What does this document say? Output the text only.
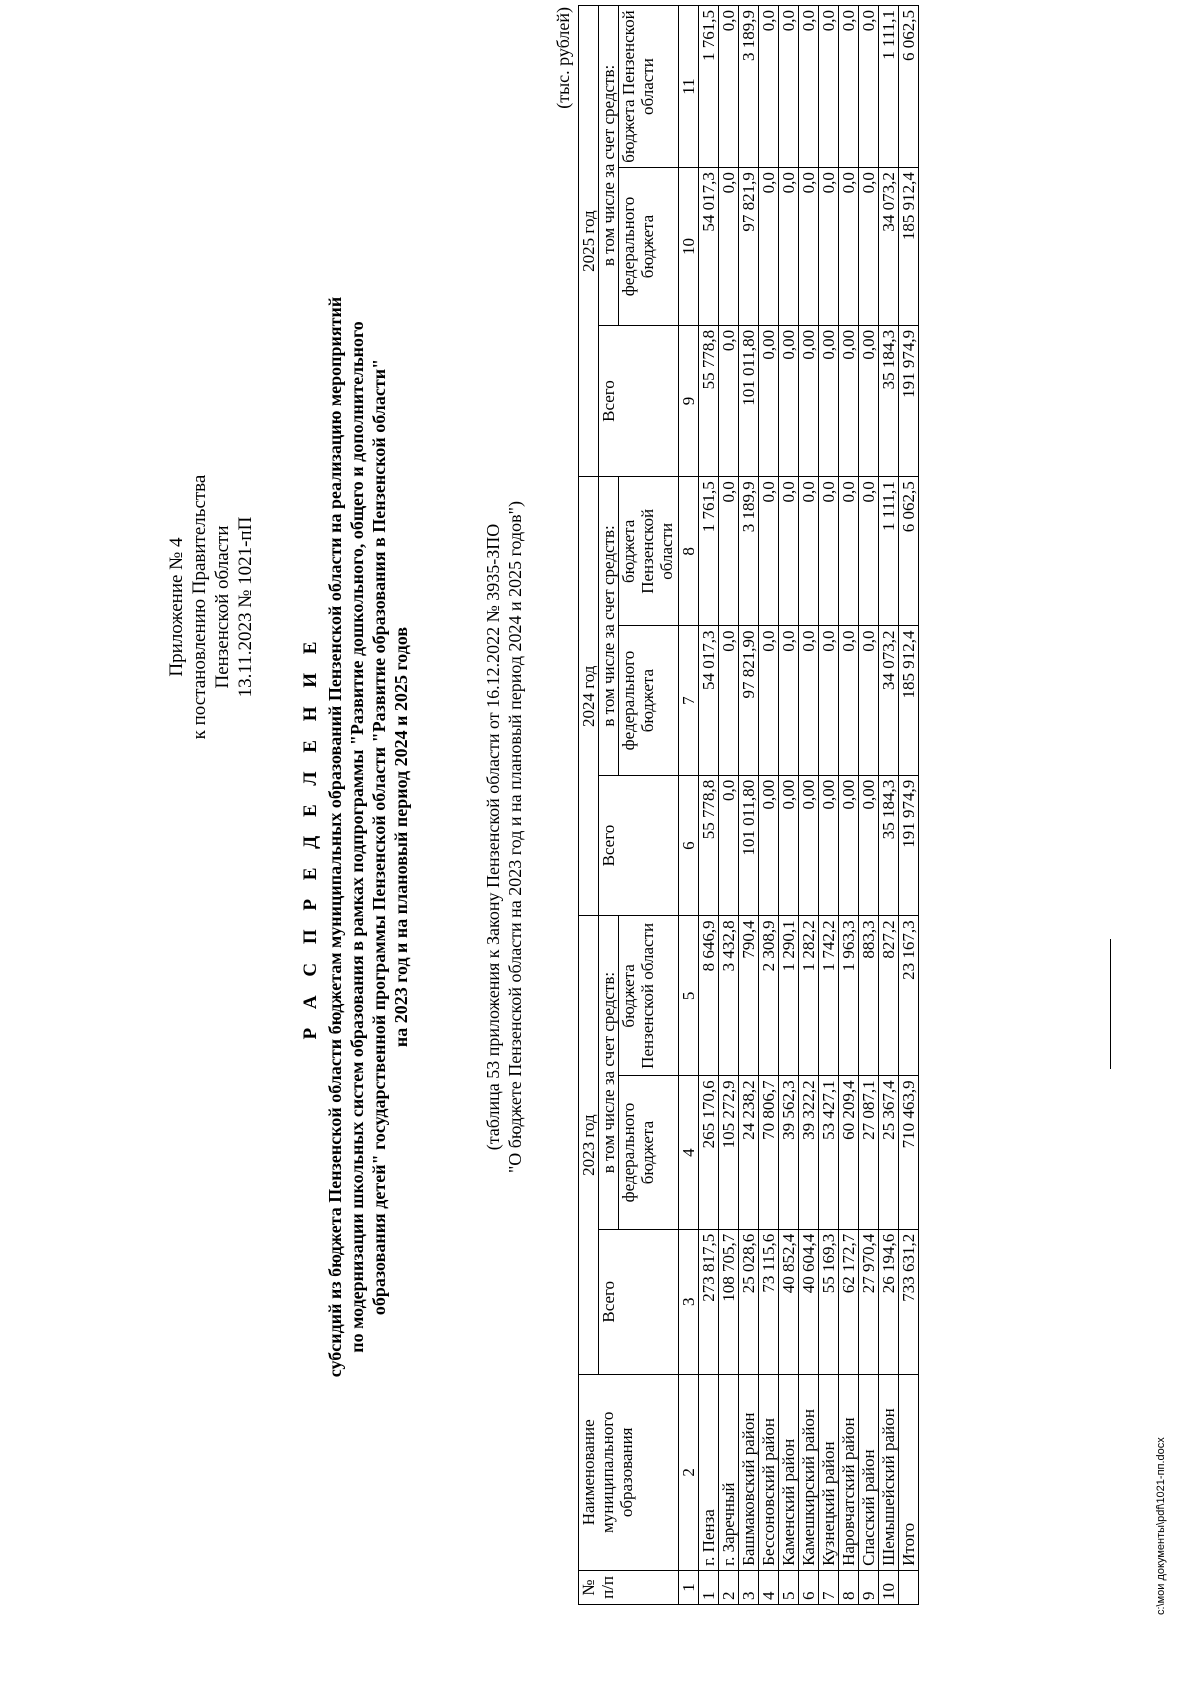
Приложение № 4 к постановлению Правительства Пензенской области 13.11.2023 № 1021-пП
Р А С П Р Е Д Е Л Е Н И Е субсидий из бюджета Пензенской области бюджетам муниципальных образований Пензенской области на реализацию мероприятий по модернизации школьных систем образования в рамках подпрограммы "Развитие дошкольного, общего и дополнительного образования детей" государственной программы Пензенской области "Развитие образования в Пензенской области" на 2023 год и на плановый период 2024 и 2025 годов	(таблица 53 приложения к Закону Пензенской области от 16.12.2022 № 3935-ЗПО "О бюджете Пензенской области на 2023 год и на плановый период 2024 и 2025 годов")
(тыс. рублей)
№ п/п	Наименование муниципального образования	2023 год			2024 год			2025 год		
		Всего	в том числе за счет средств:		Всего	в том числе за счет средств:		Всего	в том числе за счет средств:	
			федерального бюджета	бюджета Пензенской области		федерального бюджета	бюджета Пензенской области		федерального бюджета	бюджета Пензенской области
1	2	3	4	5	6	7	8	9	10	11
1	г. Пенза	273 817,5	265 170,6	8 646,9	55 778,8	54 017,3	1 761,5	55 778,8	54 017,3	1 761,5
2	г. Заречный	108 705,7	105 272,9	3 432,8	0,0	0,0	0,0	0,0	0,0	0,0
3	Башмаковский район	25 028,6	24 238,2	790,4	101 011,80	97 821,90	3 189,9	101 011,80	97 821,9	3 189,9
4	Бессоновский район	73 115,6	70 806,7	2 308,9	0,00	0,0	0,0	0,00	0,0	0,0
5	Каменский район	40 852,4	39 562,3	1 290,1	0,00	0,0	0,0	0,00	0,0	0,0
6	Камешкирский район	40 604,4	39 322,2	1 282,2	0,00	0,0	0,0	0,00	0,0	0,0
7	Кузнецкий район	55 169,3	53 427,1	1 742,2	0,00	0,0	0,0	0,00	0,0	0,0
8	Наровчатский район	62 172,7	60 209,4	1 963,3	0,00	0,0	0,0	0,00	0,0	0,0
9	Спасский район	27 970,4	27 087,1	883,3	0,00	0,0	0,0	0,00	0,0	0,0
10	Шемышейский район	26 194,6	25 367,4	827,2	35 184,3	34 073,2	1 111,1	35 184,3	34 073,2	1 111,1
	Итого	733 631,2	710 463,9	23 167,3	191 974,9	185 912,4	6 062,5	191 974,9	185 912,4	6 062,5
c:\мои документы\pdf\1021-пп.docx
